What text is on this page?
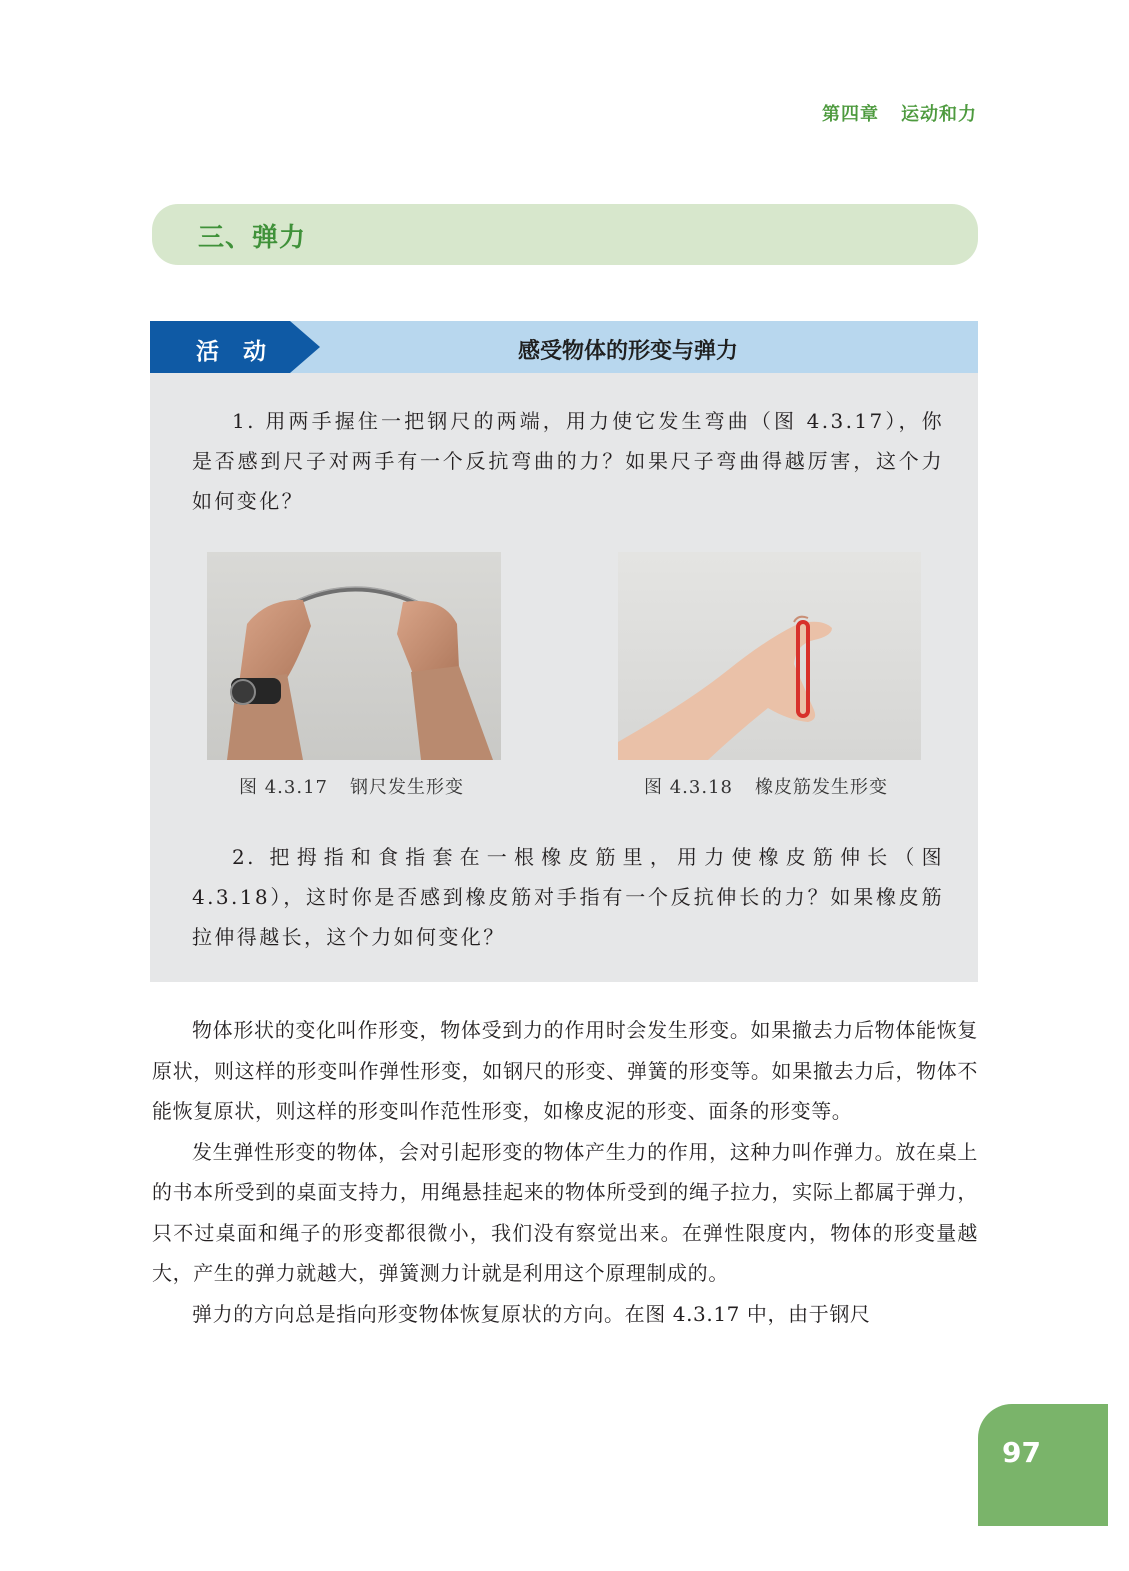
第四章 运动和力
三、弹力
活 动	感受物体的形变与弹力
1. 用两手握住一把钢尺的两端，用力使它发生弯曲（图 4.3.17），你是否感到尺子对两手有一个反抗弯曲的力？如果尺子弯曲得越厉害，这个力如何变化？
图 4.3.17 钢尺发生形变	图 4.3.18 橡皮筋发生形变
2. 把拇指和食指套在一根橡皮筋里，用力使橡皮筋伸长（图 4.3.18），这时你是否感到橡皮筋对手指有一个反抗伸长的力？如果橡皮筋拉伸得越长，这个力如何变化？

物体形状的变化叫作形变，物体受到力的作用时会发生形变。如果撤去力后物体能恢复原状，则这样的形变叫作弹性形变，如钢尺的形变、弹簧的形变等。如果撤去力后，物体不能恢复原状，则这样的形变叫作范性形变，如橡皮泥的形变、面条的形变等。

发生弹性形变的物体，会对引起形变的物体产生力的作用，这种力叫作弹力。放在桌上的书本所受到的桌面支持力，用绳悬挂起来的物体所受到的绳子拉力，实际上都属于弹力，只不过桌面和绳子的形变都很微小，我们没有察觉出来。在弹性限度内，物体的形变量越大，产生的弹力就越大，弹簧测力计就是利用这个原理制成的。

弹力的方向总是指向形变物体恢复原状的方向。在图 4.3.17 中，由于钢尺

97
